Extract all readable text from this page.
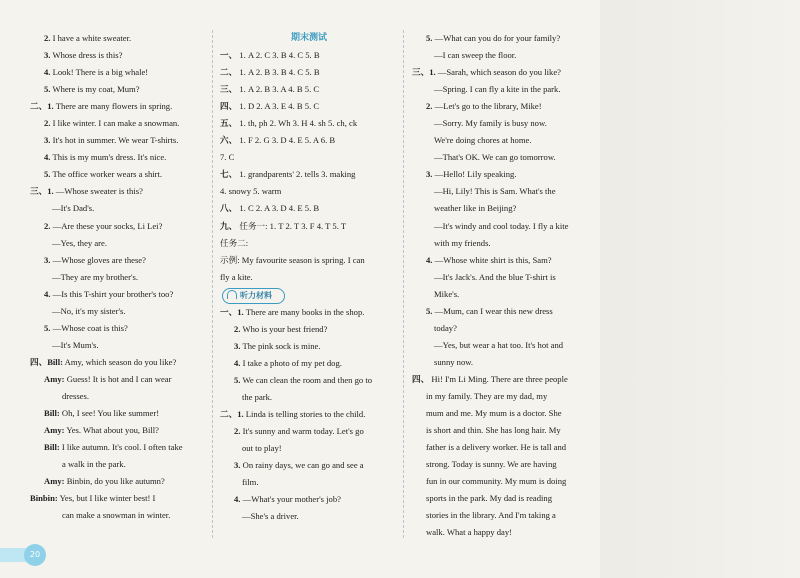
2. I have a white sweater.
3. Whose dress is this?
4. Look! There is a big whale!
5. Where is my coat, Mum?
二、1. There are many flowers in spring.
2. I like winter. I can make a snowman.
3. It's hot in summer. We wear T-shirts.
4. This is my mum's dress. It's nice.
5. The office worker wears a shirt.
三、1. —Whose sweater is this?
—It's Dad's.
2. —Are these your socks, Li Lei?
—Yes, they are.
3. —Whose gloves are these?
—They are my brother's.
4. —Is this T-shirt your brother's too?
—No, it's my sister's.
5. —Whose coat is this?
—It's Mum's.
四、Bill: Amy, which season do you like?
Amy: Guess! It is hot and I can wear
dresses.
Bill: Oh, I see! You like summer!
Amy: Yes. What about you, Bill?
Bill: I like autumn. It's cool. I often take
a walk in the park.
Amy: Binbin, do you like autumn?
Binbin: Yes, but I like winter best! I
can make a snowman in winter.
期末测试
一、 1. A 2. C 3. B 4. C 5. B
二、 1. A 2. B 3. B 4. C 5. B
三、 1. A 2. B 3. A 4. B 5. C
四、 1. D 2. A 3. E 4. B 5. C
五、 1. th, ph 2. Wh 3. H 4. sh 5. ch, ck
六、 1. F 2. G 3. D 4. E 5. A 6. B
7. C
七、 1. grandparents' 2. tells 3. making
4. snowy 5. warm
八、 1. C 2. A 3. D 4. E 5. B
九、 任务一: 1. T 2. T 3. F 4. T 5. T
任务二:
示例: My favourite season is spring. I can
fly a kite.
听力材料
一、1. There are many books in the shop.
2. Who is your best friend?
3. The pink sock is mine.
4. I take a photo of my pet dog.
5. We can clean the room and then go to
the park.
二、1. Linda is telling stories to the child.
2. It's sunny and warm today. Let's go
out to play!
3. On rainy days, we can go and see a
film.
4. —What's your mother's job?
—She's a driver.
5. —What can you do for your family?
—I can sweep the floor.
三、1. —Sarah, which season do you like?
—Spring. I can fly a kite in the park.
2. —Let's go to the library, Mike!
—Sorry. My family is busy now.
We're doing chores at home.
—That's OK. We can go tomorrow.
3. —Hello! Lily speaking.
—Hi, Lily! This is Sam. What's the
weather like in Beijing?
—It's windy and cool today. I fly a kite
with my friends.
4. —Whose white shirt is this, Sam?
—It's Jack's. And the blue T-shirt is
Mike's.
5. —Mum, can I wear this new dress
today?
—Yes, but wear a hat too. It's hot and
sunny now.
四、 Hi! I'm Li Ming. There are three people
in my family. They are my dad, my
mum and me. My mum is a doctor. She
is short and thin. She has long hair. My
father is a delivery worker. He is tall and
strong. Today is sunny. We are having
fun in our community. My mum is doing
sports in the park. My dad is reading
stories in the library. And I'm taking a
walk. What a happy day!
20
